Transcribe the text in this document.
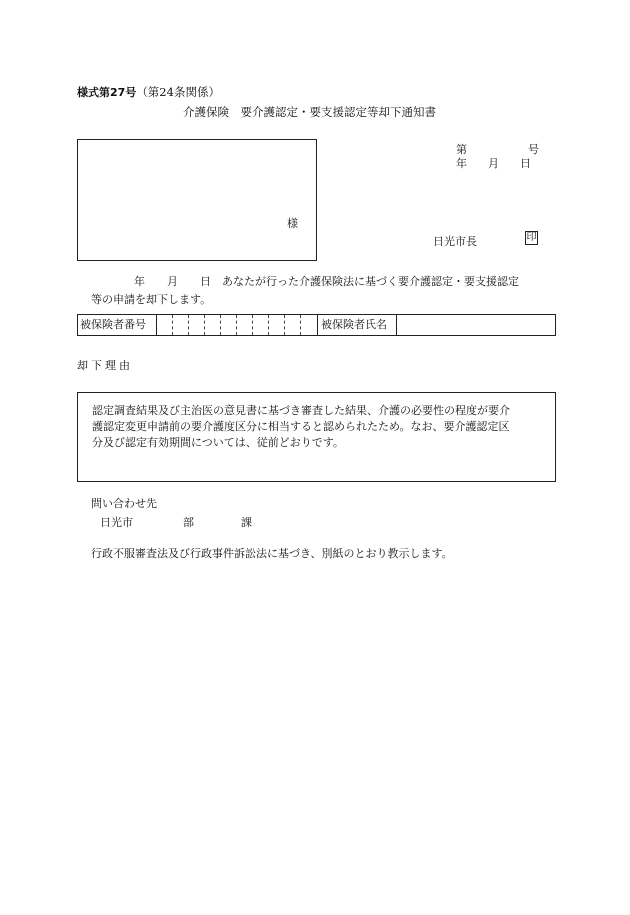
様式第27号（第24条関係）
介護保険　要介護認定・要支援認定等却下通知書
様
第	号
年 月 日
日光市長	印
年　　月　　日　あなたが行った介護保険法に基づく要介護認定・要支援認定
等の申請を却下します。
被保険者番号	被保険者氏名
却下理由
認定調査結果及び主治医の意見書に基づき審査した結果、介護の必要性の程度が要介
護認定変更申請前の要介護度区分に相当すると認められたため。なお、要介護認定区
分及び認定有効期間については、従前どおりです。
問い合わせ先
日光市	部	課
行政不服審査法及び行政事件訴訟法に基づき、別紙のとおり教示します。
